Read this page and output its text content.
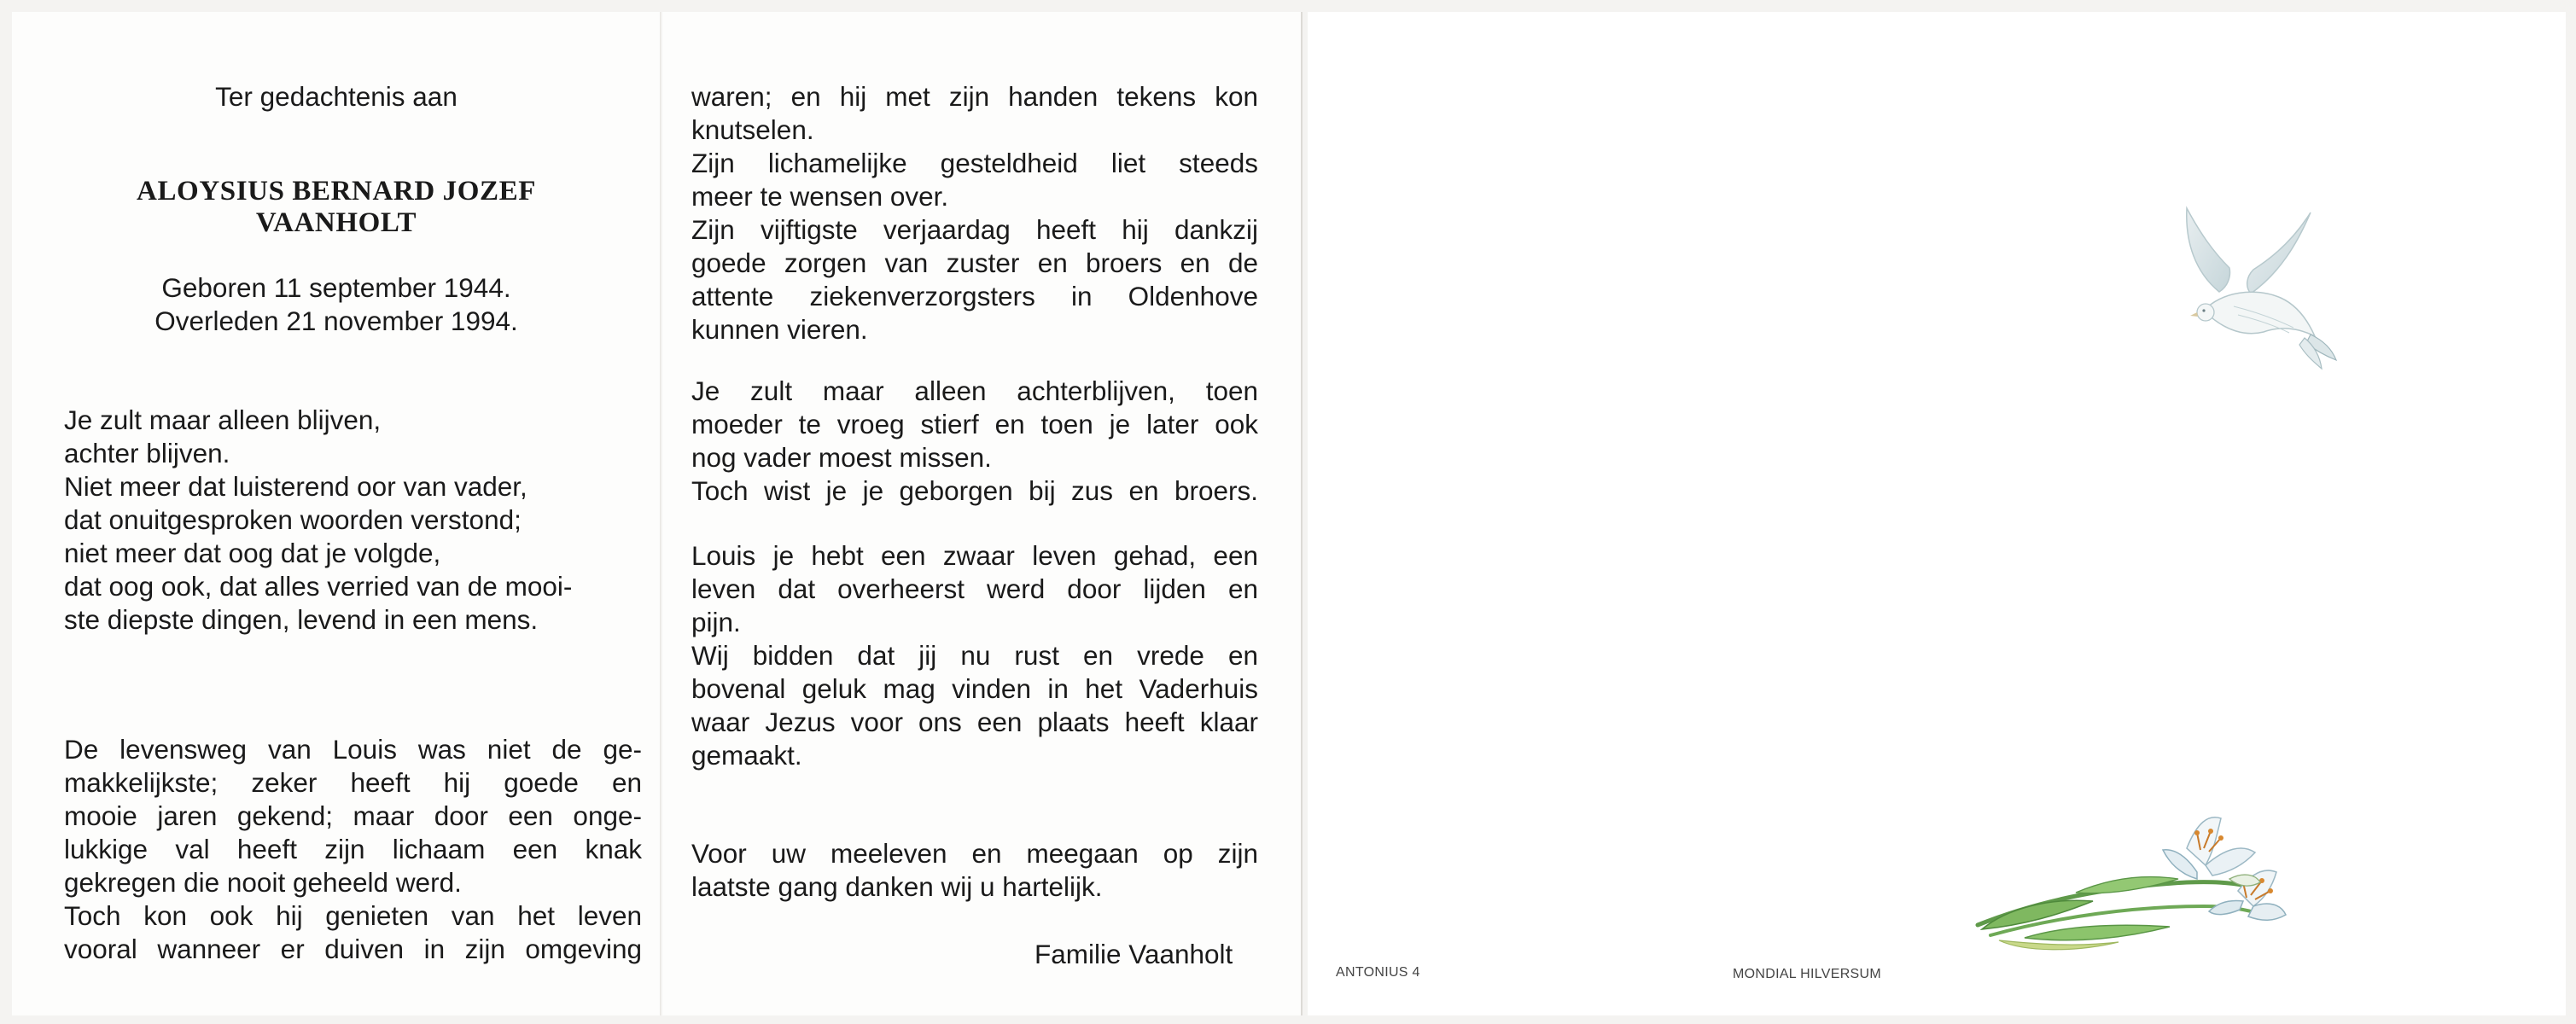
Ter gedachtenis aan
ALOYSIUS BERNARD JOZEF
VAANHOLT
Geboren 11 september 1944.
Overleden 21 november 1994.
Je zult maar alleen blijven,
achter blijven.
Niet meer dat luisterend oor van vader,
dat onuitgesproken woorden verstond;
niet meer dat oog dat je volgde,
dat oog ook, dat alles verried van de mooi-
ste diepste dingen, levend in een mens.
De levensweg van Louis was niet de ge-
makkelijkste; zeker heeft hij goede en
mooie jaren gekend; maar door een onge-
lukkige val heeft zijn lichaam een knak
gekregen die nooit geheeld werd.
Toch kon ook hij genieten van het leven
vooral wanneer er duiven in zijn omgeving
waren; en hij met zijn handen tekens kon
knutselen.
Zijn lichamelijke gesteldheid liet steeds
meer te wensen over.
Zijn vijftigste verjaardag heeft hij dankzij
goede zorgen van zuster en broers en de
attente ziekenverzorgsters in Oldenhove
kunnen vieren.
Je zult maar alleen achterblijven, toen
moeder te vroeg stierf en toen je later ook
nog vader moest missen.
Toch wist je je geborgen bij zus en broers.
Louis je hebt een zwaar leven gehad, een
leven dat overheerst werd door lijden en
pijn.
Wij bidden dat jij nu rust en vrede en
bovenal geluk mag vinden in het Vaderhuis
waar Jezus voor ons een plaats heeft klaar
gemaakt.
Voor uw meeleven en meegaan op zijn
laatste gang danken wij u hartelijk.
Familie Vaanholt
ANTONIUS 4	MONDIAL HILVERSUM
